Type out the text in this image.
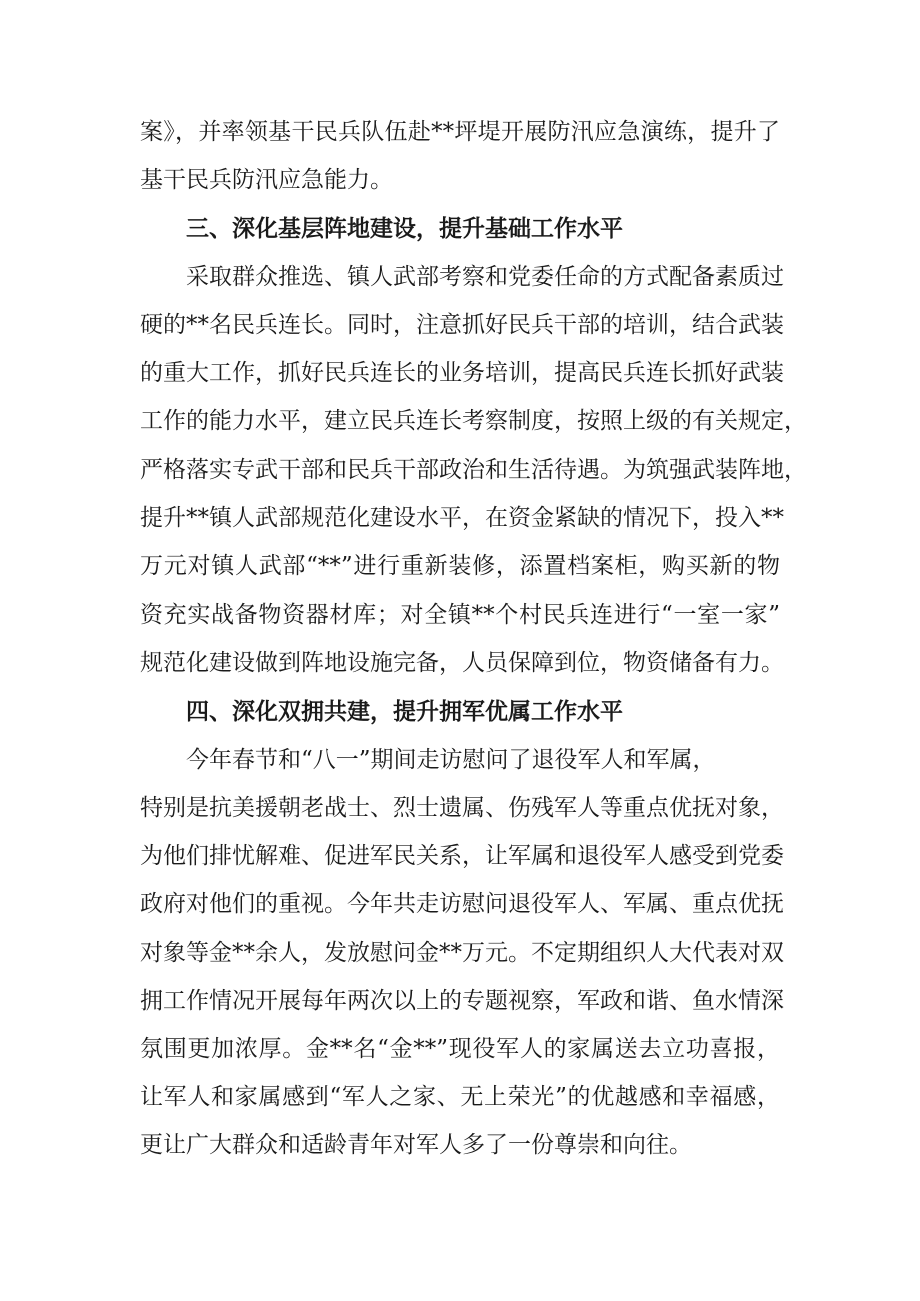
案》，并率领基干民兵队伍赴**坪堤开展防汛应急演练，提升了
基干民兵防汛应急能力。
三、深化基层阵地建设，提升基础工作水平
采取群众推选、镇人武部考察和党委任命的方式配备素质过
硬的**名民兵连长。同时，注意抓好民兵干部的培训，结合武装
的重大工作，抓好民兵连长的业务培训，提高民兵连长抓好武装
工作的能力水平，建立民兵连长考察制度，按照上级的有关规定，
严格落实专武干部和民兵干部政治和生活待遇。为筑强武装阵地，
提升**镇人武部规范化建设水平，在资金紧缺的情况下，投入**
万元对镇人武部“**”进行重新装修，添置档案柜，购买新的物
资充实战备物资器材库；对全镇**个村民兵连进行“一室一家”
规范化建设做到阵地设施完备，人员保障到位，物资储备有力。
四、深化双拥共建，提升拥军优属工作水平
今年春节和“八一”期间走访慰问了退役军人和军属，
特别是抗美援朝老战士、烈士遗属、伤残军人等重点优抚对象，
为他们排忧解难、促进军民关系，让军属和退役军人感受到党委
政府对他们的重视。今年共走访慰问退役军人、军属、重点优抚
对象等金**余人，发放慰问金**万元。不定期组织人大代表对双
拥工作情况开展每年两次以上的专题视察，军政和谐、鱼水情深
氛围更加浓厚。金**名“金**”现役军人的家属送去立功喜报，
让军人和家属感到“军人之家、无上荣光”的优越感和幸福感，
更让广大群众和适龄青年对军人多了一份尊崇和向往。
